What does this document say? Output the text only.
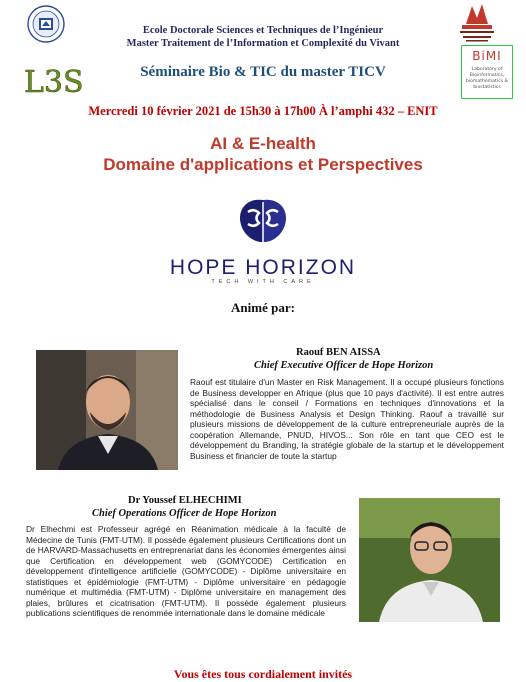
L3S
BiMI
Laboratory of Bioinformatics, biomathematics & biostatistics
Ecole Doctorale Sciences et Techniques de l’Ingénieur
Master Traitement de l’Information et Complexité du Vivant
Séminaire Bio & TIC du master TICV
Mercredi 10 février 2021 de 15h30 à 17h00 À l’amphi 432 – ENIT
AI & E-health
Domaine d'applications et Perspectives
HOPE HORIZON
TECH WITH CARE
Animé par:
Raouf BEN AISSA
Chief Executive Officer de Hope Horizon
Raouf est titulaire d'un Master en Risk Management. Il a occupé plusieurs fonctions de Business developper en Afrique (plus que 10 pays d'activité). Il est entre autres spécialisé dans le conseil / Formations en techniques d'innovations et la méthodologie de Business Analysis et Design Thinking. Raouf a travaillé sur plusieurs missions de développement de la culture entrepreneuriale auprès de la coopération Allemande, PNUD, HIVOS... Son rôle en tant que CEO est le développement du Branding, la stratégie globale de la startup et le développement Business et financier de toute la startup
Dr Youssef ELHECHIMI
Chief Operations Officer de Hope Horizon
Dr Elhechmi est Professeur agrégé en Réanimation médicale à la faculté de Médecine de Tunis (FMT-UTM). Il possède également plusieurs Certifications dont un de HARVARD-Massachusetts en entreprenariat dans les économies émergentes ainsi que Certification en développement web (GOMYCODE) Certification en développement d'intelligence artificielle (GOMYCODE) - Diplôme universitaire en statistiques et épidémiologie (FMT-UTM) - Diplôme universitaire en pédagogie numérique et multimédia (FMT-UTM) - Diplôme universitaire en management des plaies, brûlures et cicatrisation (FMT-UTM). Il possède également plusieurs publications scientifiques de renommée internationale dans le domaine médicale
Vous êtes tous cordialement invités
